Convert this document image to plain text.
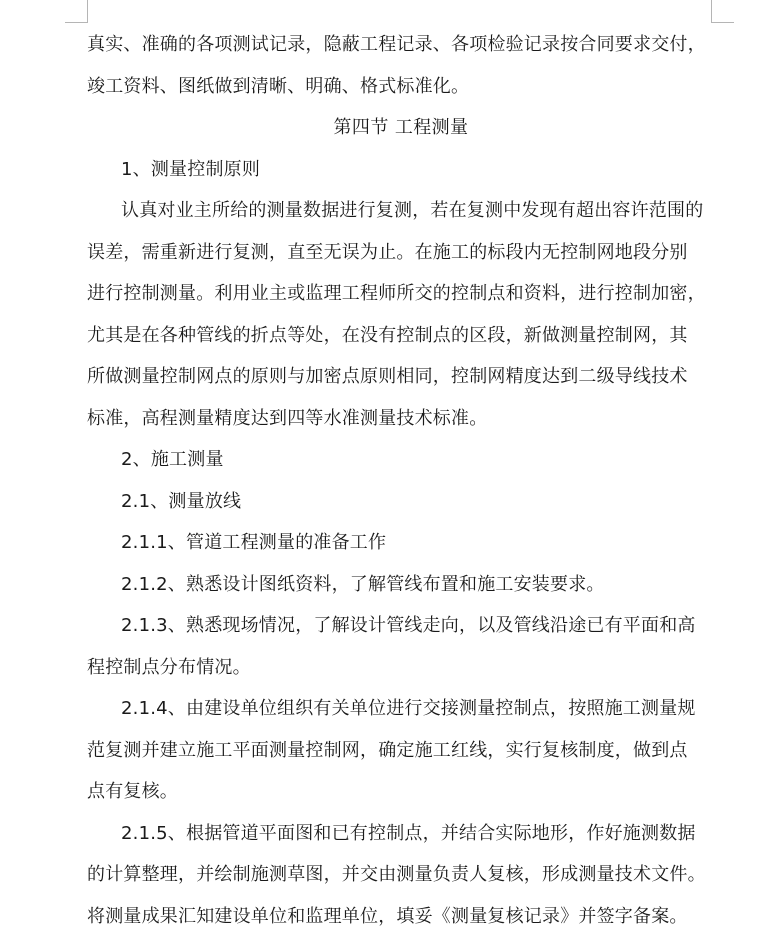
真实、准确的各项测试记录，隐蔽工程记录、各项检验记录按合同要求交付，
竣工资料、图纸做到清晰、明确、格式标准化。

第四节 工程测量

1、测量控制原则

认真对业主所给的测量数据进行复测，若在复测中发现有超出容许范围的
误差，需重新进行复测，直至无误为止。在施工的标段内无控制网地段分别
进行控制测量。利用业主或监理工程师所交的控制点和资料，进行控制加密，
尤其是在各种管线的折点等处，在没有控制点的区段，新做测量控制网，其
所做测量控制网点的原则与加密点原则相同，控制网精度达到二级导线技术
标准，高程测量精度达到四等水准测量技术标准。

2、施工测量

2.1、测量放线

2.1.1、管道工程测量的准备工作

2.1.2、熟悉设计图纸资料，了解管线布置和施工安装要求。

2.1.3、熟悉现场情况，了解设计管线走向，以及管线沿途已有平面和高
程控制点分布情况。

2.1.4、由建设单位组织有关单位进行交接测量控制点，按照施工测量规
范复测并建立施工平面测量控制网，确定施工红线，实行复核制度，做到点
点有复核。

2.1.5、根据管道平面图和已有控制点，并结合实际地形，作好施测数据
的计算整理，并绘制施测草图，并交由测量负责人复核，形成测量技术文件。
将测量成果汇知建设单位和监理单位，填妥《测量复核记录》并签字备案。
